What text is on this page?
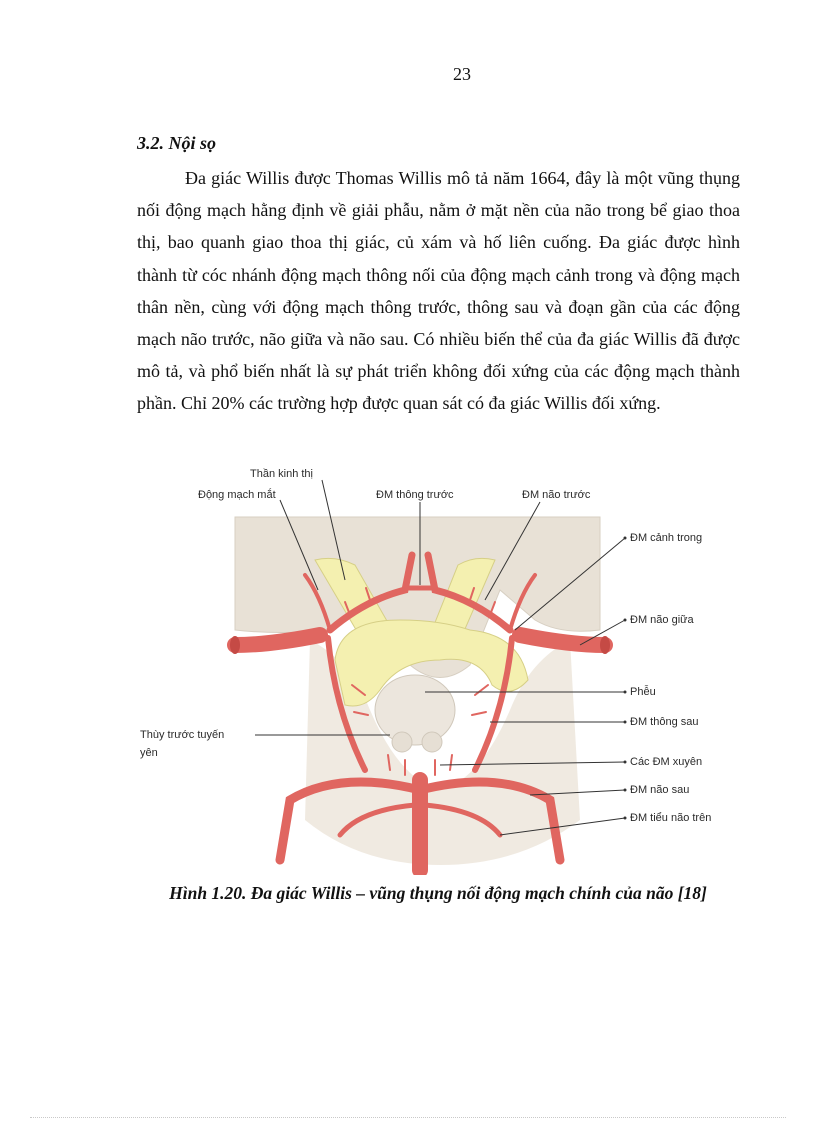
23
3.2. Nội sọ

Đa giác Willis được Thomas Willis mô tả năm 1664, đây là một vũng thụng nối động mạch hằng định về giải phẫu, nằm ở mặt nền của não trong bể giao thoa thị, bao quanh giao thoa thị giác, củ xám và hố liên cuống. Đa giác được hình thành từ cóc nhánh động mạch thông nối của động mạch cảnh trong và động mạch thân nền, cùng với động mạch thông trước, thông sau và đoạn gần của các động mạch não trước, não giữa và não sau. Có nhiều biến thể của đa giác Willis đã được mô tả, và phổ biến nhất là sự phát triển không đối xứng của các động mạch thành phần. Chỉ 20% các trường hợp được quan sát có đa giác Willis đối xứng.

Thần kinh thị
Động mạch mắt	ĐM thông trước	ĐM não trước
ĐM cảnh trong
ĐM não giữa
Phễu
ĐM thông sau
Thùy trước tuyến
yên
Các ĐM xuyên
ĐM não sau
ĐM tiểu não trên
Hình 1.20. Đa giác Willis – vũng thụng nối động mạch chính của não [18]
